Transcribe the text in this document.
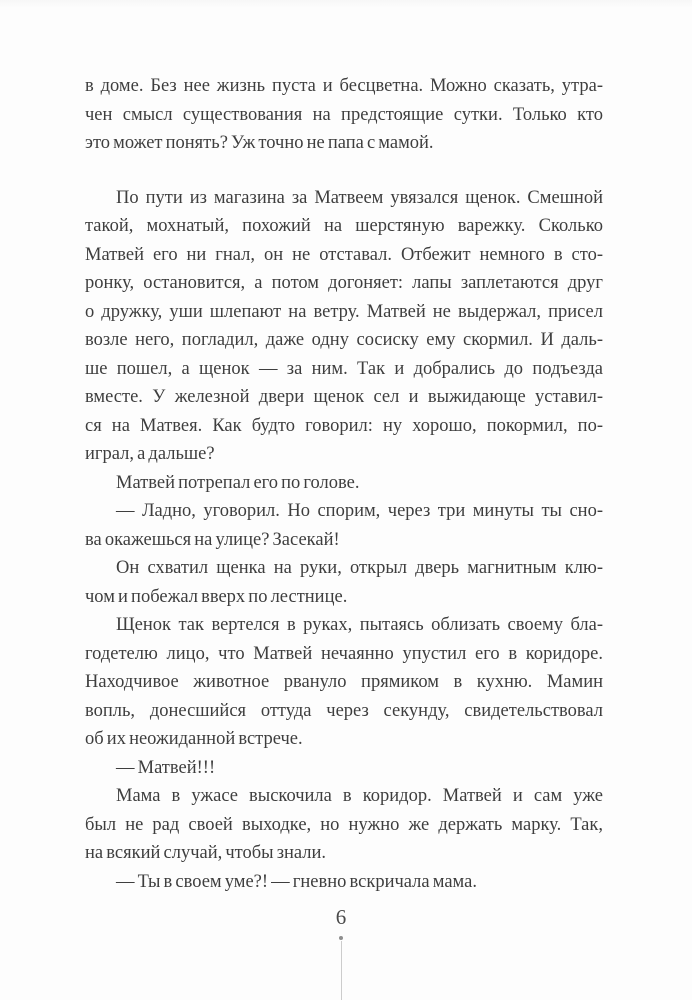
в доме. Без нее жизнь пуста и бесцветна. Можно сказать, утра-
чен смысл существования на предстоящие сутки. Только кто
это может понять? Уж точно не папа с мамой.
По пути из магазина за Матвеем увязался щенок. Смешной
такой, мохнатый, похожий на шерстяную варежку. Сколько
Матвей его ни гнал, он не отставал. Отбежит немного в сто-
ронку, остановится, а потом догоняет: лапы заплетаются друг
о дружку, уши шлепают на ветру. Матвей не выдержал, присел
возле него, погладил, даже одну сосиску ему скормил. И даль-
ше пошел, а щенок — за ним. Так и добрались до подъезда
вместе. У железной двери щенок сел и выжидающе уставил-
ся на Матвея. Как будто говорил: ну хорошо, покормил, по-
играл, а дальше?
Матвей потрепал его по голове.
— Ладно, уговорил. Но спорим, через три минуты ты сно-
ва окажешься на улице? Засекай!
Он схватил щенка на руки, открыл дверь магнитным клю-
чом и побежал вверх по лестнице.
Щенок так вертелся в руках, пытаясь облизать своему бла-
годетелю лицо, что Матвей нечаянно упустил его в коридоре.
Находчивое животное рвануло прямиком в кухню. Мамин
вопль, донесшийся оттуда через секунду, свидетельствовал
об их неожиданной встрече.
— Матвей!!!
Мама в ужасе выскочила в коридор. Матвей и сам уже
был не рад своей выходке, но нужно же держать марку. Так,
на всякий случай, чтобы знали.
— Ты в своем уме?! — гневно вскричала мама.
6
